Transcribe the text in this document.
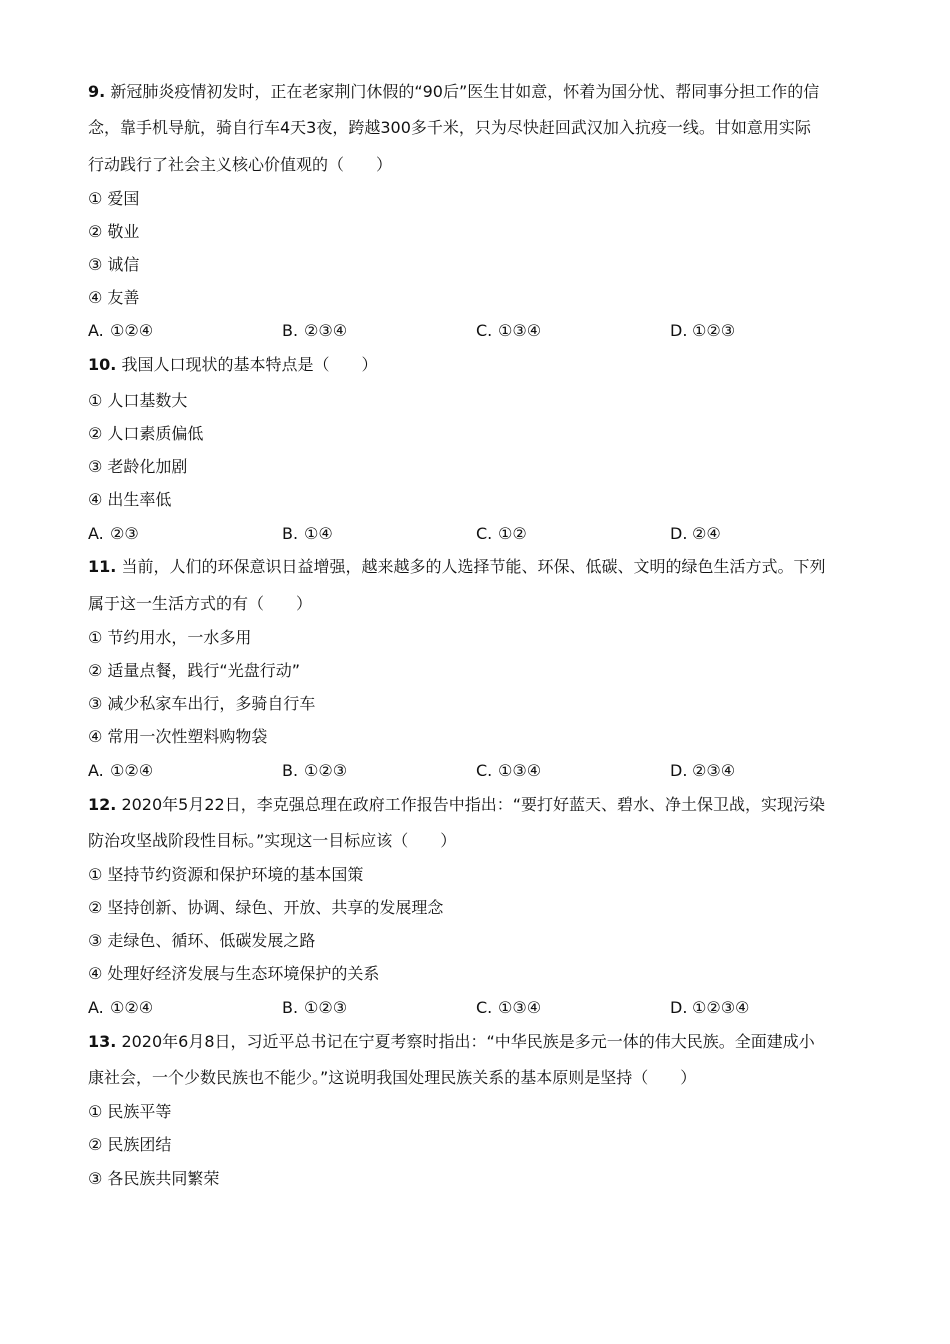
9. 新冠肺炎疫情初发时，正在老家荆门休假的“90后”医生甘如意，怀着为国分忧、帮同事分担工作的信
念，靠手机导航，骑自行车4天3夜，跨越300多千米，只为尽快赶回武汉加入抗疫一线。甘如意用实际
行动践行了社会主义核心价值观的（　　）
① 爱国
② 敬业
③ 诚信
④ 友善
A. ①②④	B. ②③④	C. ①③④	D. ①②③
10. 我国人口现状的基本特点是（　　）
① 人口基数大
② 人口素质偏低
③ 老龄化加剧
④ 出生率低
A. ②③	B. ①④	C. ①②	D. ②④
11. 当前，人们的环保意识日益增强，越来越多的人选择节能、环保、低碳、文明的绿色生活方式。下列
属于这一生活方式的有（　　）
① 节约用水，一水多用
② 适量点餐，践行“光盘行动”
③ 减少私家车出行，多骑自行车
④ 常用一次性塑料购物袋
A. ①②④	B. ①②③	C. ①③④	D. ②③④
12. 2020年5月22日，李克强总理在政府工作报告中指出：“要打好蓝天、碧水、净土保卫战，实现污染
防治攻坚战阶段性目标。”实现这一目标应该（　　）
① 坚持节约资源和保护环境的基本国策
② 坚持创新、协调、绿色、开放、共享的发展理念
③ 走绿色、循环、低碳发展之路
④ 处理好经济发展与生态环境保护的关系
A. ①②④	B. ①②③	C. ①③④	D. ①②③④
13. 2020年6月8日，习近平总书记在宁夏考察时指出：“中华民族是多元一体的伟大民族。全面建成小
康社会，一个少数民族也不能少。”这说明我国处理民族关系的基本原则是坚持（　　）
① 民族平等
② 民族团结
③ 各民族共同繁荣
